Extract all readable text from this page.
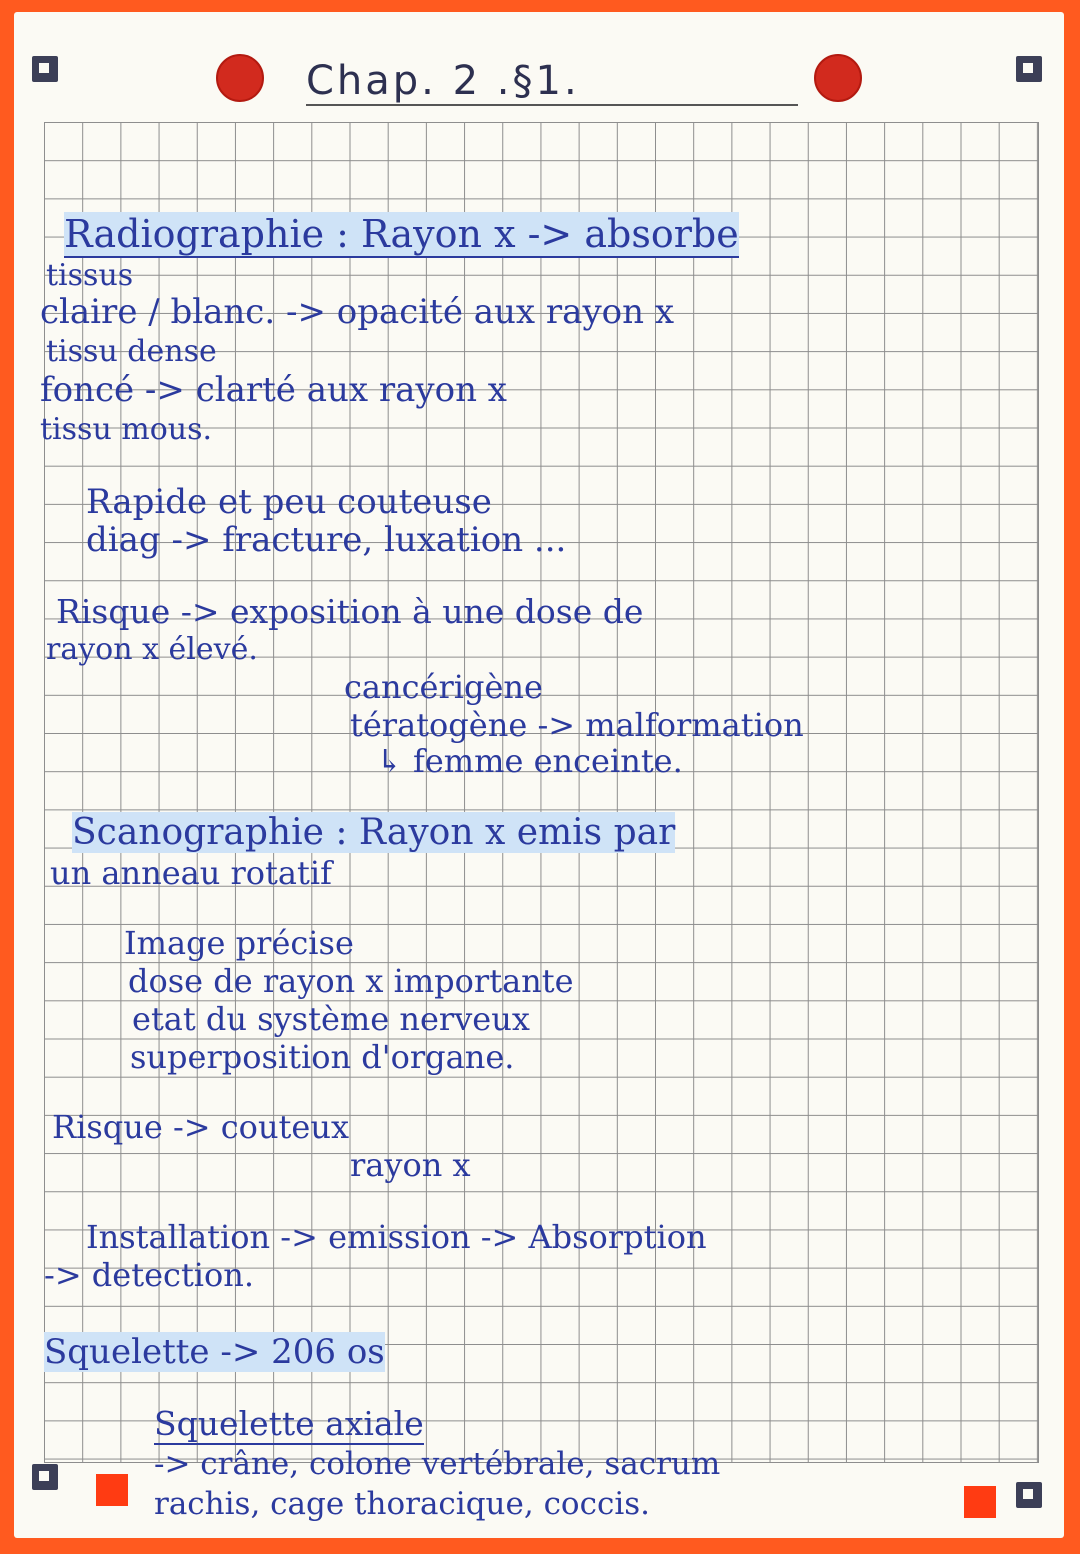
Chap. 2 .§1.
Radiographie : Rayon x -> absorbe
tissus
claire / blanc. -> opacité aux rayon x
tissu dense
foncé -> clarté aux rayon x
tissu mous.
Rapide et peu couteuse
diag -> fracture, luxation ...
Risque -> exposition à une dose de
rayon x élevé.
cancérigène
tératogène -> malformation
↳ femme enceinte.
Scanographie : Rayon x emis par
un anneau rotatif
Image précise
dose de rayon x importante
etat du système nerveux
superposition d'organe.
Risque -> couteux
rayon x
Installation -> emission -> Absorption
-> detection.
Squelette -> 206 os
Squelette axiale
-> crâne, colone vertébrale, sacrum
rachis, cage thoracique, coccis.
